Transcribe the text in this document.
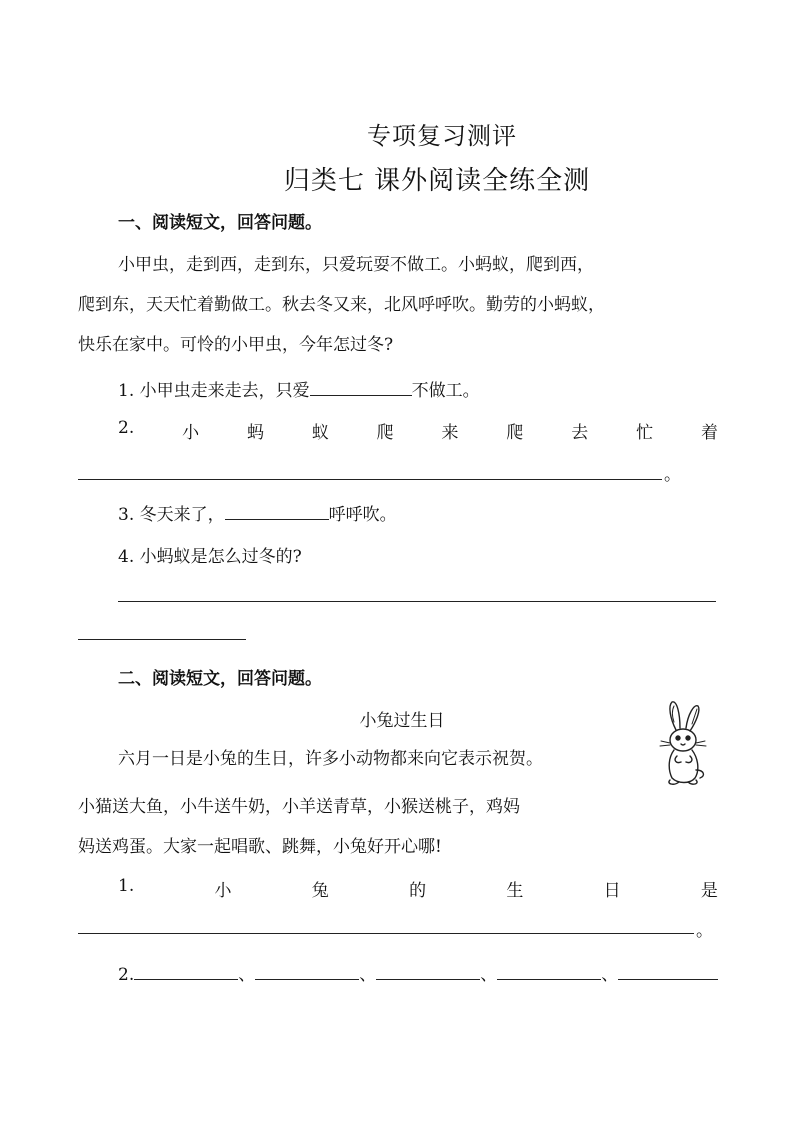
专项复习测评
归类七 课外阅读全练全测
一、阅读短文，回答问题。
小甲虫，走到西，走到东，只爱玩耍不做工。小蚂蚁，爬到西，
爬到东，天天忙着勤做工。秋去冬又来，北风呼呼吹。勤劳的小蚂蚁，
快乐在家中。可怜的小甲虫，今年怎过冬?
1. 小甲虫走来走去，只爱	不做工。
2.	小	蚂	蚁	爬	来	爬	去	忙	着
。
3. 冬天来了，	呼呼吹。
4. 小蚂蚁是怎么过冬的?
二、阅读短文，回答问题。
小兔过生日
六月一日是小兔的生日，许多小动物都来向它表示祝贺。
小猫送大鱼，小牛送牛奶，小羊送青草，小猴送桃子，鸡妈
妈送鸡蛋。大家一起唱歌、跳舞，小兔好开心哪!
1.	小	兔	的	生	日	是
。
2.	、	、	、	、
